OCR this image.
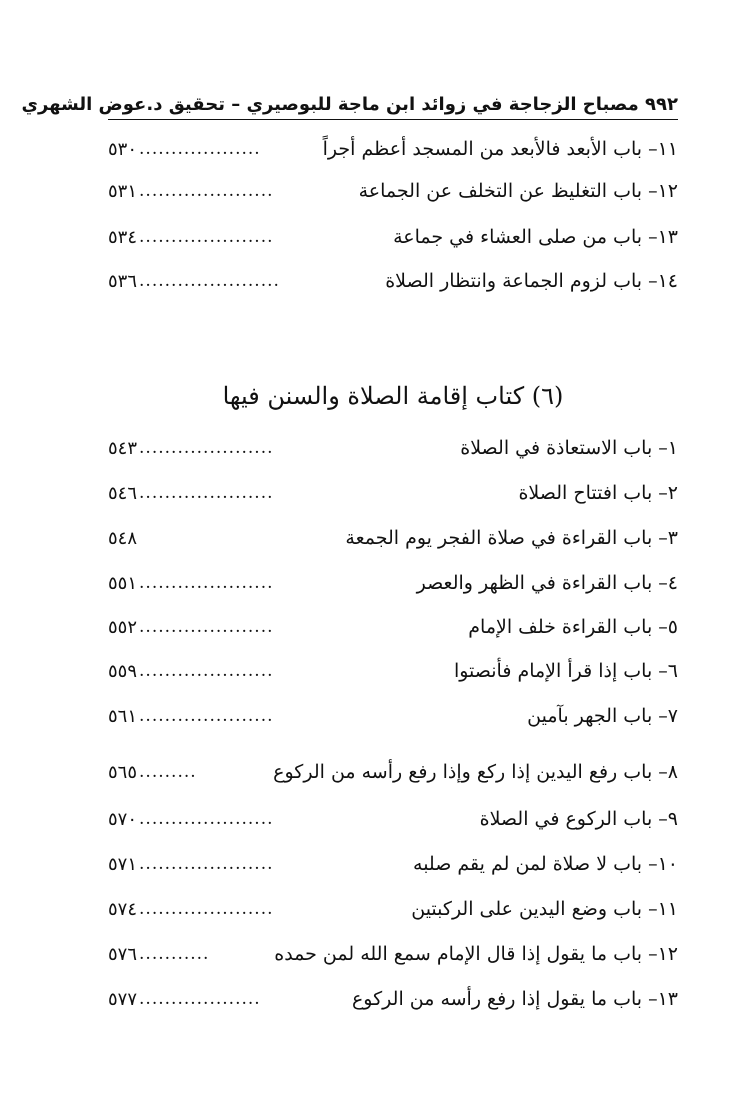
٩٩٢ مصباح الزجاجة في زوائد ابن ماجة للبوصيري – تحقيق د.عوض الشهري
١١– باب الأبعد فالأبعد من المسجد أعظم أجراً
٥٣٠ ...................
١٢– باب التغليظ عن التخلف عن الجماعة
٥٣١ .....................
١٣– باب من صلى العشاء في جماعة
٥٣٤ .....................
١٤– باب لزوم الجماعة وانتظار الصلاة
٥٣٦ ......................
(٦) كتاب إقامة الصلاة والسنن فيها
١– باب الاستعاذة في الصلاة
٥٤٣ .....................
٢– باب افتتاح الصلاة
٥٤٦ .....................
٣– باب القراءة في صلاة الفجر يوم الجمعة
٥٤٨
٤– باب القراءة في الظهر والعصر
٥٥١ .....................
٥– باب القراءة خلف الإمام
٥٥٢ .....................
٦– باب إذا قرأ الإمام فأنصتوا
٥٥٩ .....................
٧– باب الجهر بآمين
٥٦١ .....................
٨– باب رفع اليدين إذا ركع وإذا رفع رأسه من الركوع
٥٦٥ .........
٩– باب الركوع في الصلاة
٥٧٠ .....................
١٠– باب لا صلاة لمن لم يقم صلبه
٥٧١ .....................
١١– باب وضع اليدين على الركبتين
٥٧٤ .....................
١٢– باب ما يقول إذا قال الإمام سمع الله لمن حمده
٥٧٦ ...........
١٣– باب ما يقول إذا رفع رأسه من الركوع
٥٧٧ ...................
